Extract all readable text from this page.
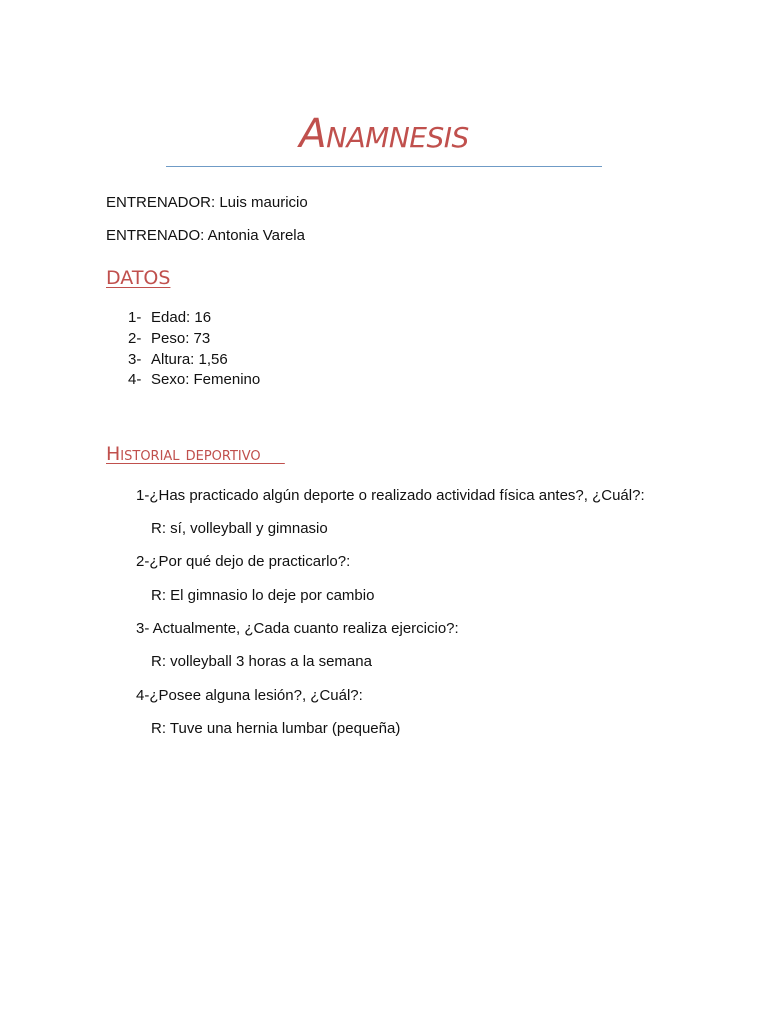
Anamnesis
ENTRENADOR: Luis mauricio
ENTRENADO: Antonia Varela
DATOS
1- Edad: 16
2- Peso: 73
3- Altura: 1,56
4- Sexo: Femenino
Historial deportivo
1-¿Has practicado algún deporte o realizado actividad física antes?, ¿Cuál?:
R: sí, volleyball y gimnasio
2-¿Por qué dejo de practicarlo?:
R: El gimnasio lo deje por cambio
3- Actualmente, ¿Cada cuanto realiza ejercicio?:
R: volleyball 3 horas a la semana
4-¿Posee alguna lesión?, ¿Cuál?:
R: Tuve una hernia lumbar (pequeña)
